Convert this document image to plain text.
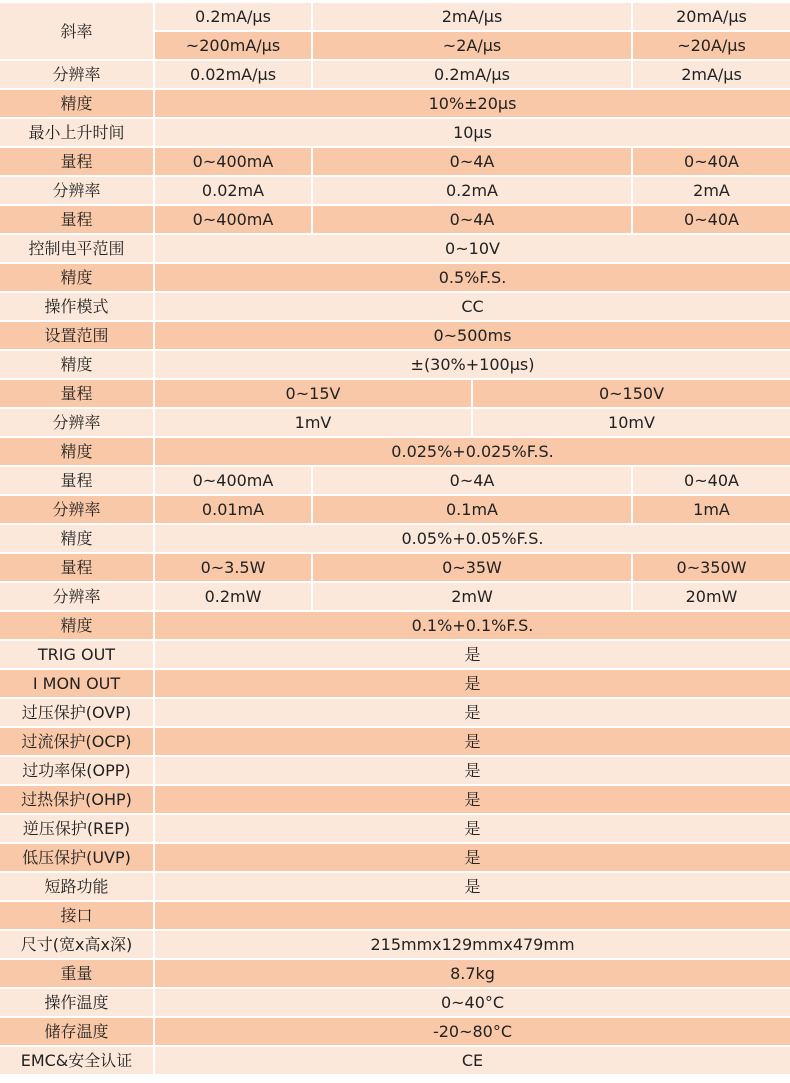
斜率	0.2mA/μs	2mA/μs		20mA/μs
	~200mA/μs	~2A/μs		~20A/μs
分辨率	0.02mA/μs	0.2mA/μs		2mA/μs
精度	10%±20μs			
最小上升时间	10μs			
量程	0~400mA	0~4A		0~40A
分辨率	0.02mA	0.2mA		2mA
量程	0~400mA	0~4A		0~40A
控制电平范围	0~10V			
精度	0.5%F.S.			
操作模式	CC			
设置范围	0~500ms			
精度	±(30%+100μs)			
量程	0~15V		0~150V	
分辨率	1mV		10mV	
精度	0.025%+0.025%F.S.			
量程	0~400mA	0~4A		0~40A
分辨率	0.01mA	0.1mA		1mA
精度	0.05%+0.05%F.S.			
量程	0~3.5W	0~35W		0~350W
分辨率	0.2mW	2mW		20mW
精度	0.1%+0.1%F.S.			
TRIG OUT	是			
I MON OUT	是			
过压保护(OVP)	是			
过流保护(OCP)	是			
过功率保(OPP)	是			
过热保护(OHP)	是			
逆压保护(REP)	是			
低压保护(UVP)	是			
短路功能	是			
接口				
尺寸(宽x高x深)	215mmx129mmx479mm			
重量	8.7kg			
操作温度	0~40°C			
储存温度	-20~80°C			
EMC&安全认证	CE			
